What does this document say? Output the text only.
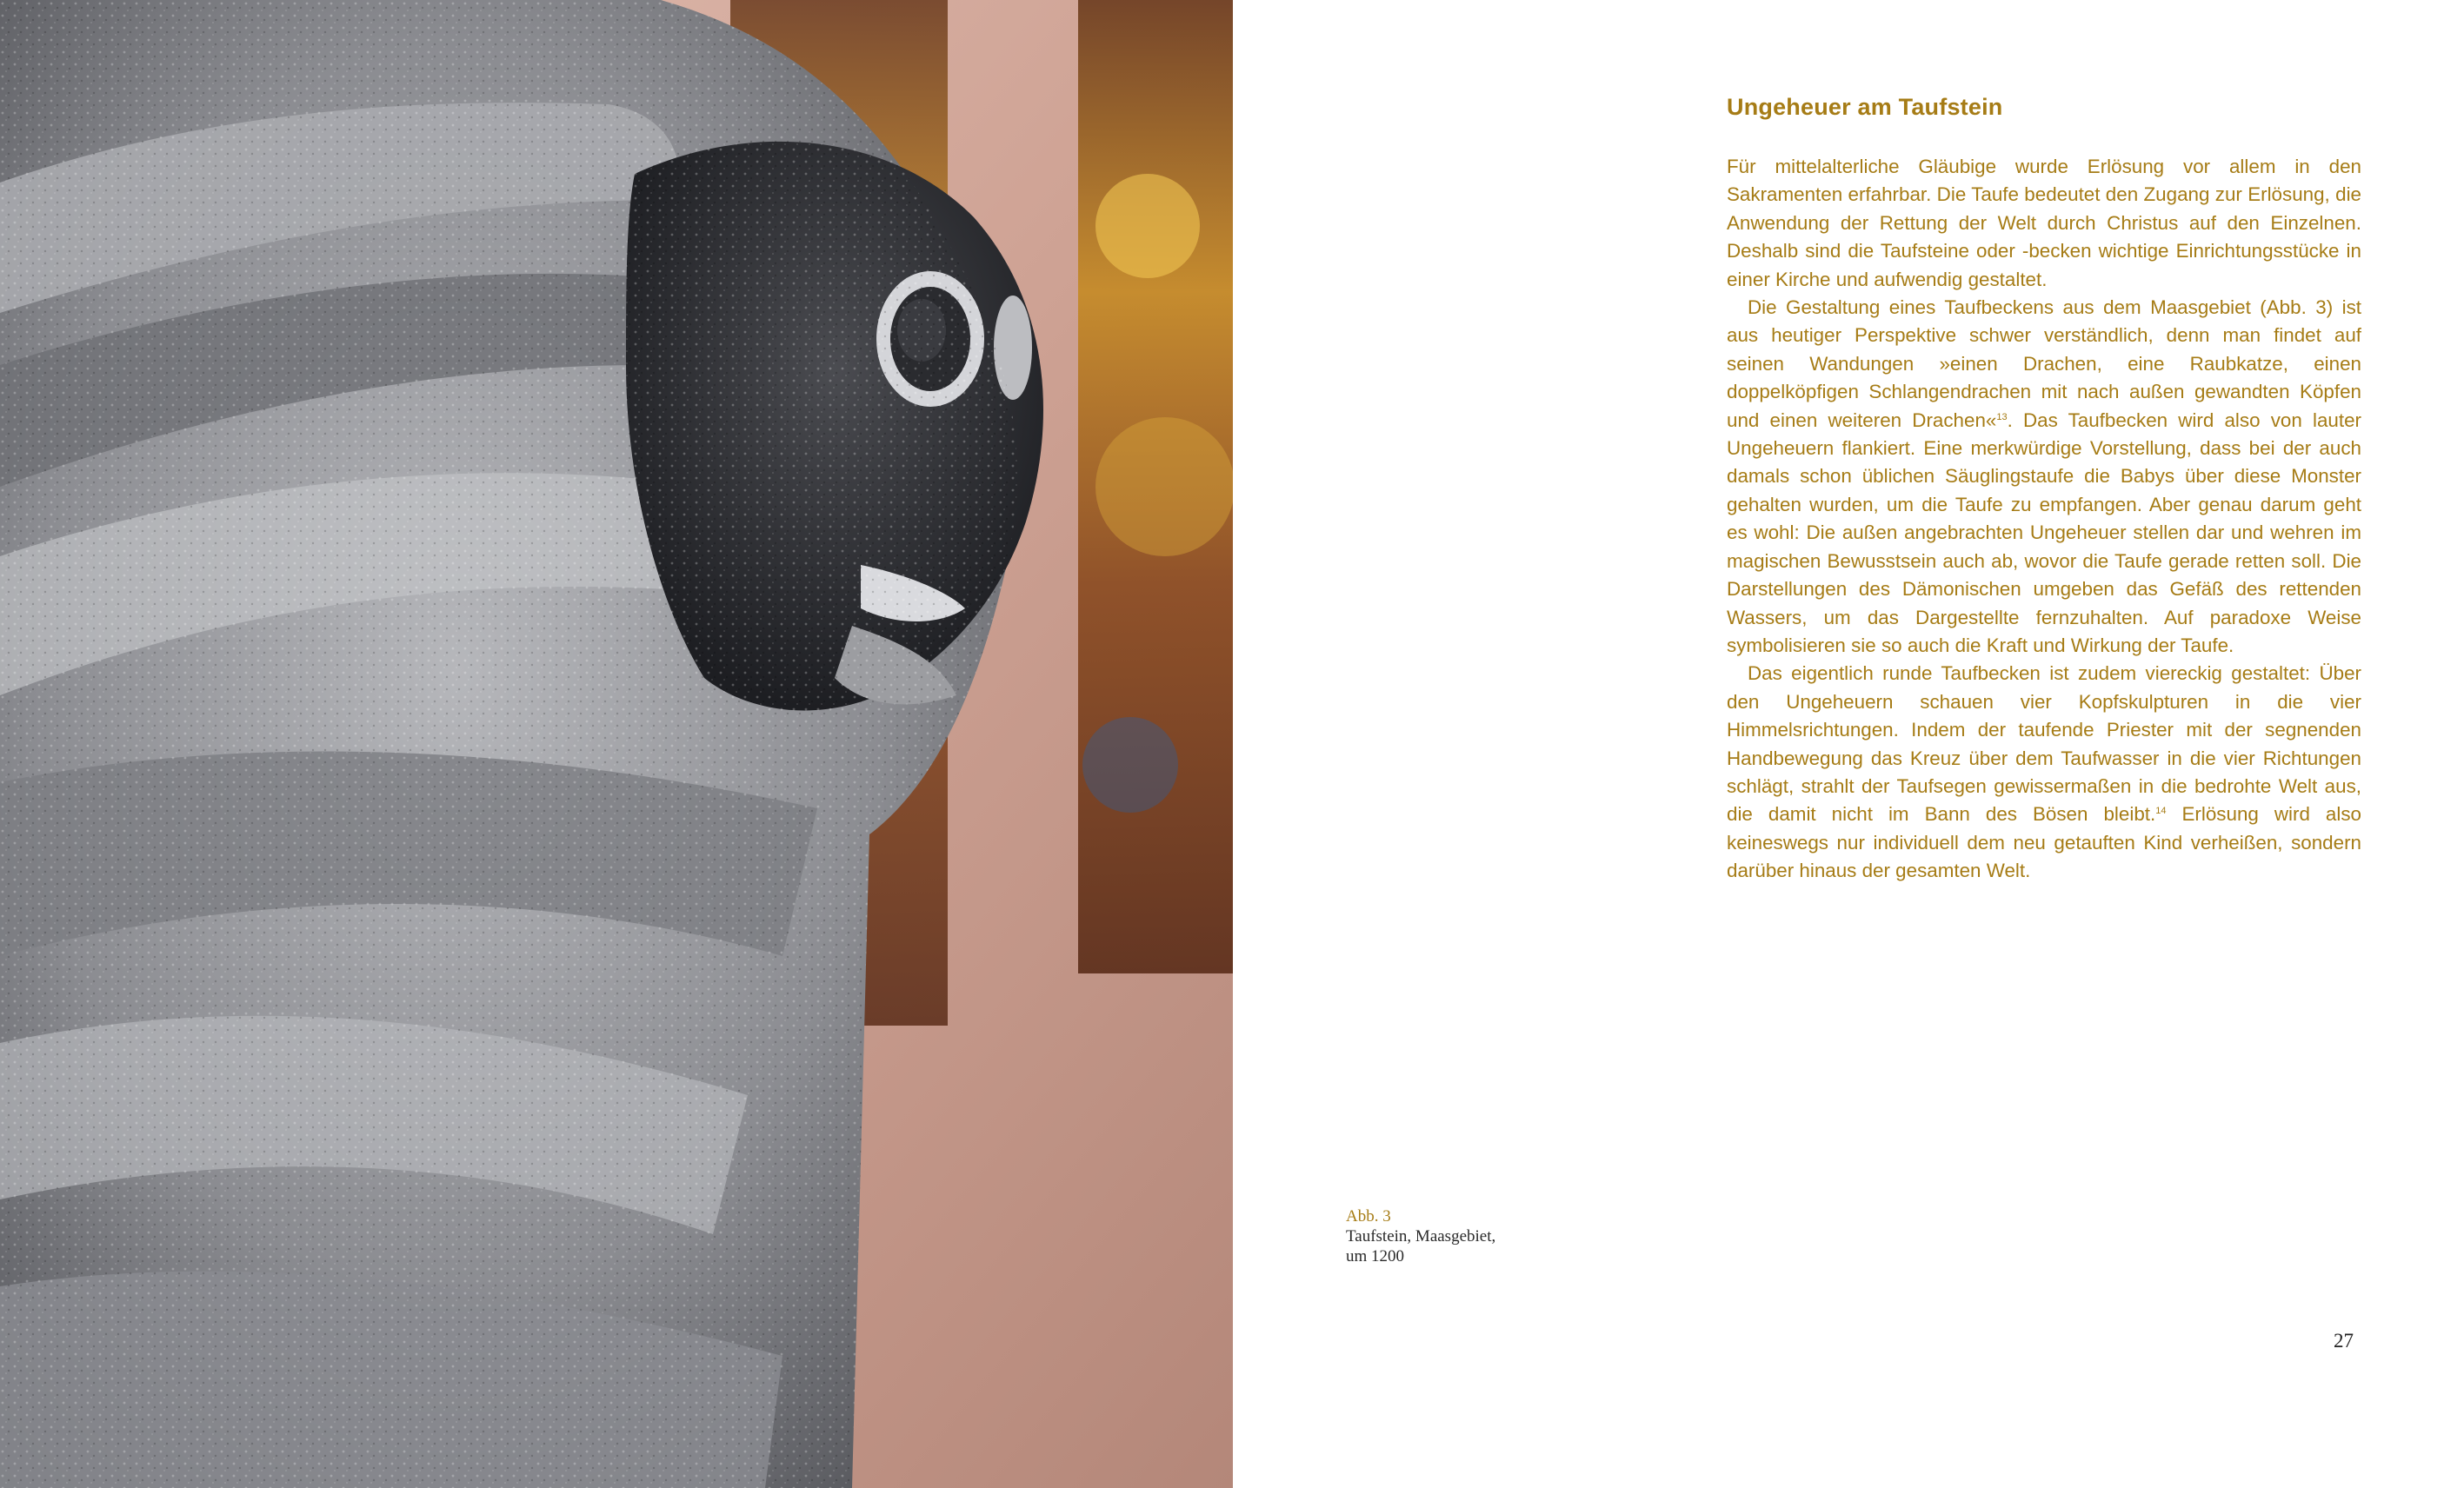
Ungeheuer am Taufstein

Für mittelalterliche Gläubige wurde Erlösung vor allem in den Sakramenten erfahrbar. Die Taufe bedeutet den Zugang zur Erlösung, die Anwendung der Rettung der Welt durch Christus auf den Einzelnen. Deshalb sind die Taufsteine oder -becken wichtige Einrichtungsstücke in einer Kirche und aufwendig gestaltet.

Die Gestaltung eines Taufbeckens aus dem Maasgebiet (Abb. 3) ist aus heutiger Perspektive schwer verständlich, denn man findet auf seinen Wandungen »einen Drachen, eine Raubkatze, einen doppelköpfigen Schlangendrachen mit nach außen gewandten Köpfen und einen weiteren Drachen«$^{13}$. Das Taufbecken wird also von lauter Ungeheuern flankiert. Eine merkwürdige Vorstellung, dass bei der auch damals schon üblichen Säuglingstaufe die Babys über diese Monster gehalten wurden, um die Taufe zu empfangen. Aber genau darum geht es wohl: Die außen angebrachten Ungeheuer stellen dar und wehren im magischen Bewusstsein auch ab, wovor die Taufe gerade retten soll. Die Darstellungen des Dämonischen umgeben das Gefäß des rettenden Wassers, um das Dargestellte fernzuhalten. Auf paradoxe Weise symbolisieren sie so auch die Kraft und Wirkung der Taufe.

Das eigentlich runde Taufbecken ist zudem viereckig gestaltet: Über den Ungeheuern schauen vier Kopfskulpturen in die vier Himmelsrichtungen. Indem der taufende Priester mit der segnenden Handbewegung das Kreuz über dem Taufwasser in die vier Richtungen schlägt, strahlt der Taufsegen gewissermaßen in die bedrohte Welt aus, die damit nicht im Bann des Bösen bleibt.$^{14}$ Erlösung wird also keineswegs nur individuell dem neu getauften Kind verheißen, sondern darüber hinaus der gesamten Welt.

Abb. 3
Taufstein, Maasgebiet,
um 1200
27
